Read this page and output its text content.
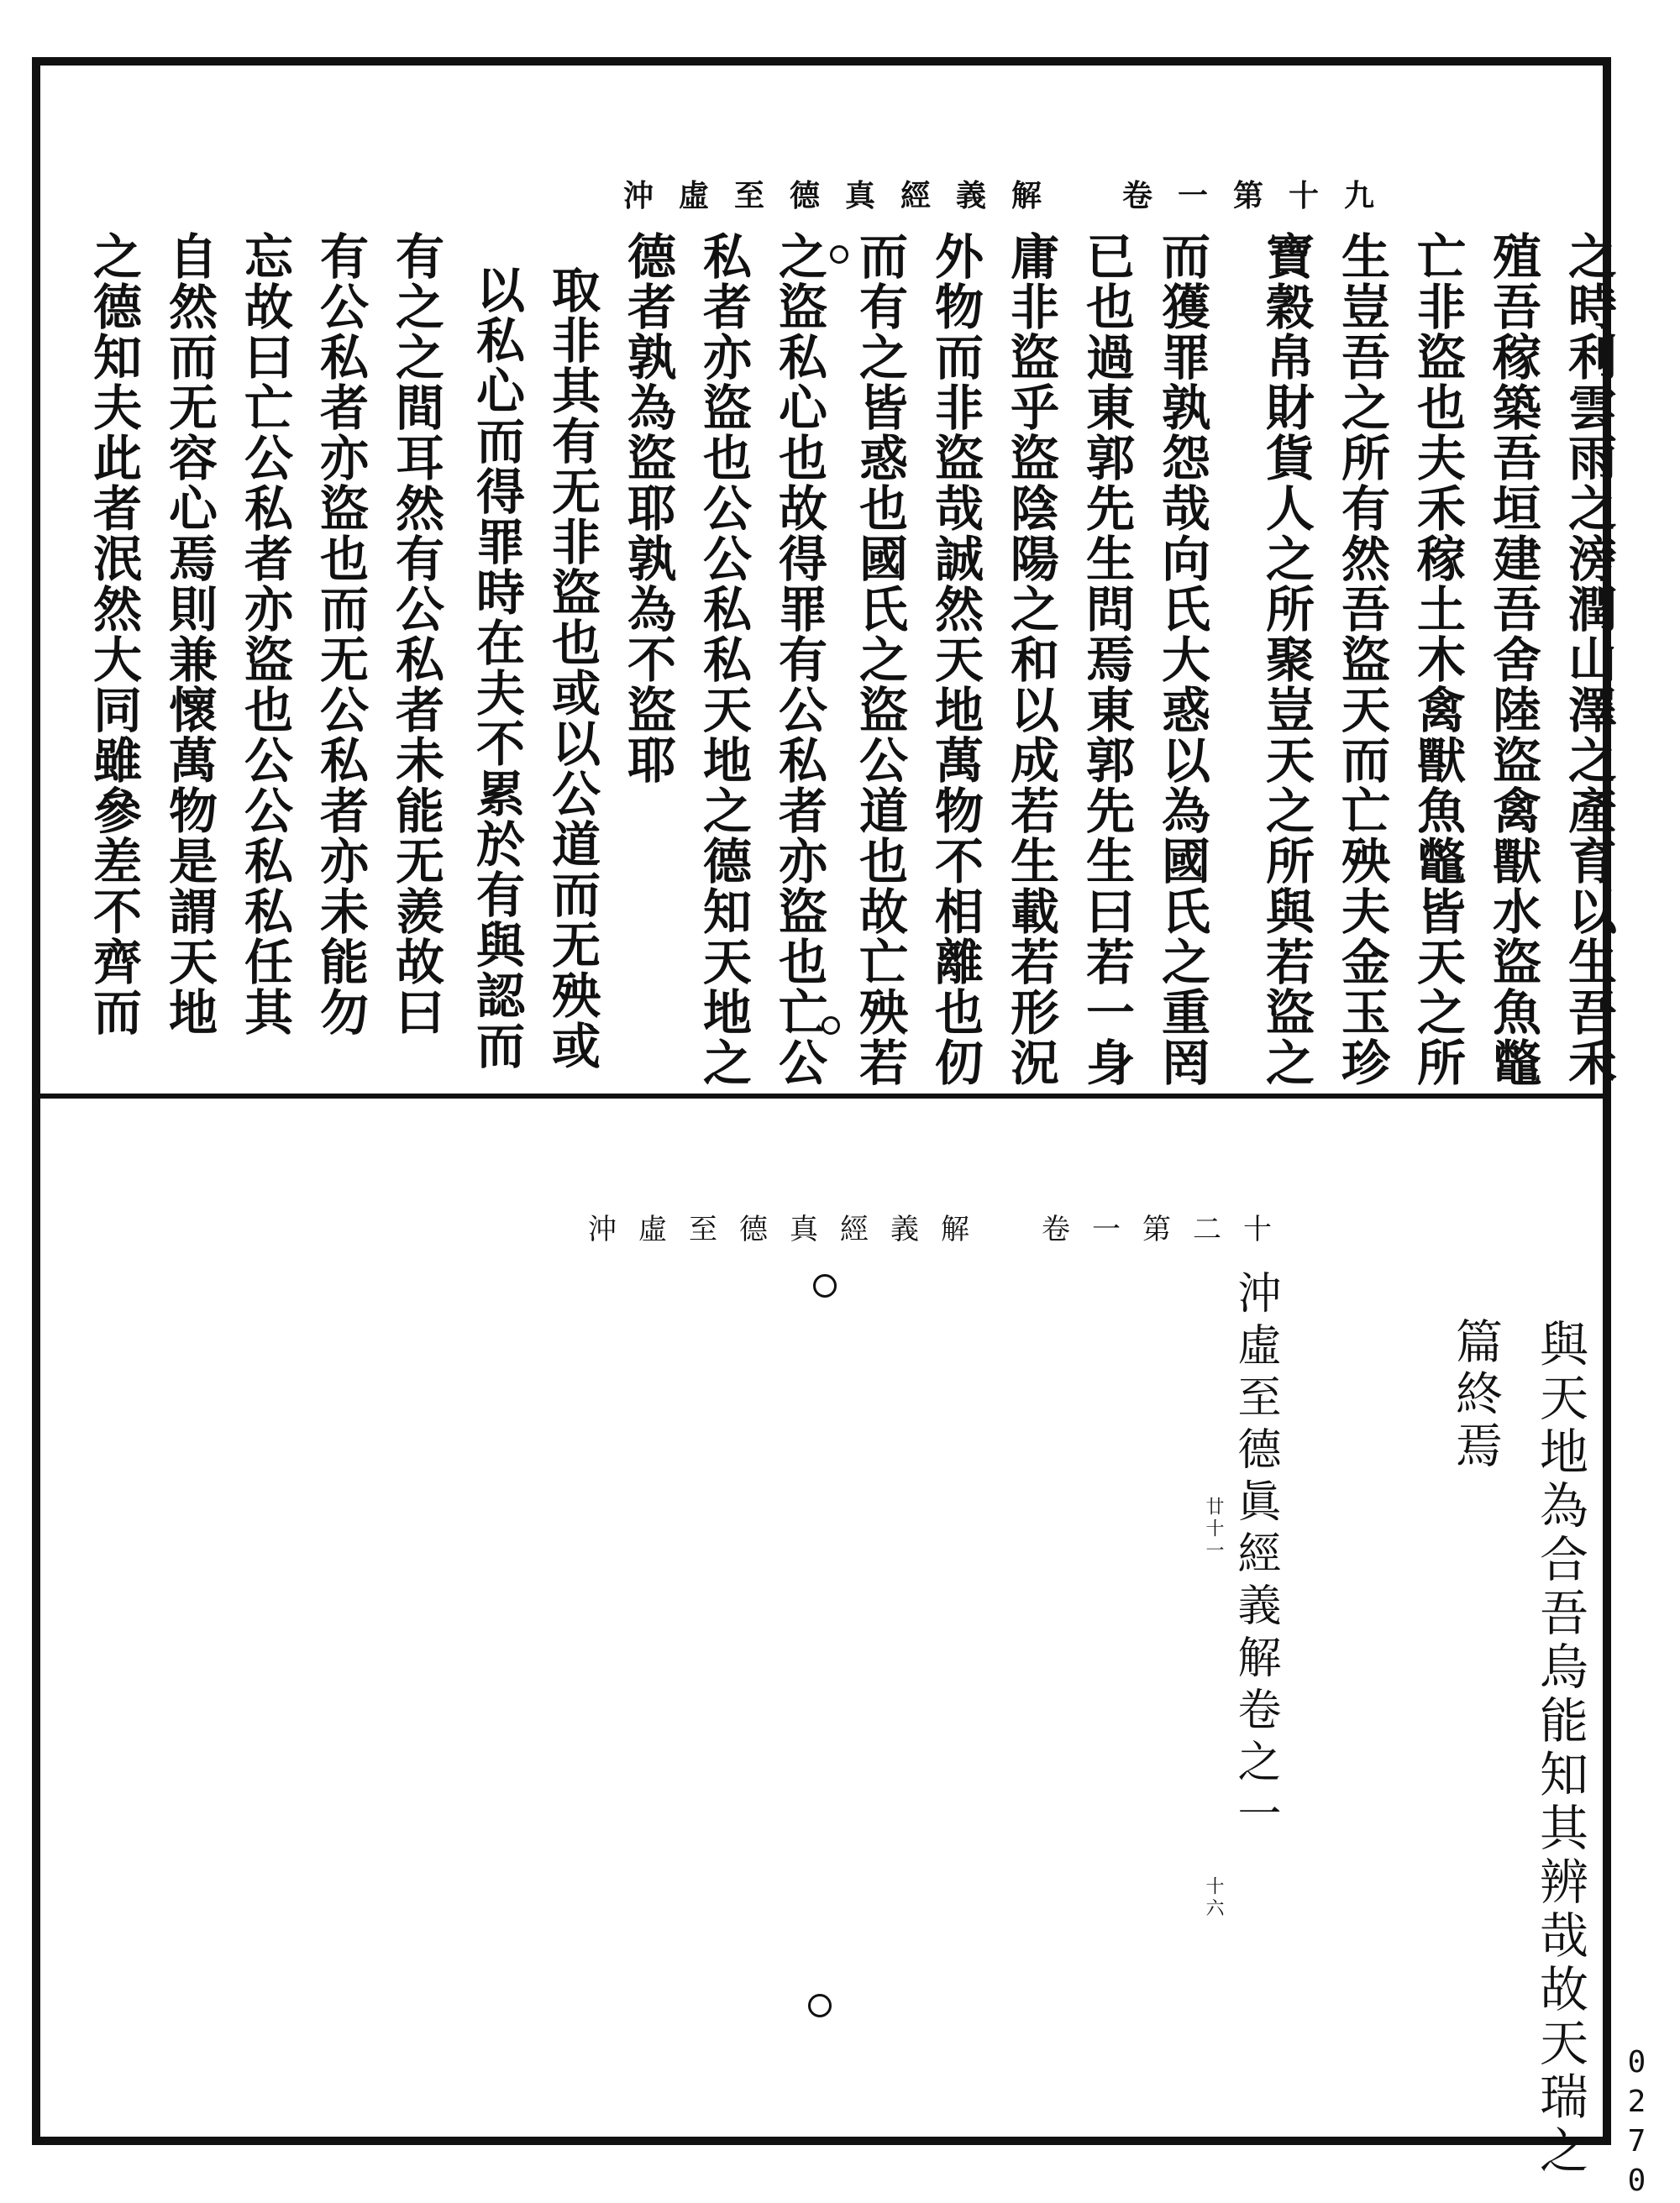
沖虛至德真經義解　卷一第十九
之時利雲雨之滂潤山澤之產育以生吾禾
殖吾稼築吾垣建吾舍陸盜禽獸水盜魚鼈
亡非盜也夫禾稼土木禽獸魚鼈皆天之所
生豈吾之所有然吾盜天而亡殃夫金玉珍
寶穀帛財貨人之所聚豈天之所與若盜之
而獲罪孰怨哉向氏大惑以為國氏之重罔
已也過東郭先生問焉東郭先生曰若一身
庸非盜乎盜陰陽之和以成若生載若形況
外物而非盜哉誠然天地萬物不相離也仞
而有之皆惑也國氏之盜公道也故亡殃若
之盜私心也故得罪有公私者亦盜也亡公
私者亦盜也公公私私天地之德知天地之
德者孰為盜耶孰為不盜耶
取非其有无非盜也或以公道而无殃或
以私心而得罪時在夫不累於有與認而
有之之間耳然有公私者未能无羨故曰
有公私者亦盜也而无公私者亦未能勿
忘故曰亡公私者亦盜也公公私私任其
自然而无容心焉則兼懷萬物是謂天地
之德知夫此者泯然大同雖參差不齊而
沖虛至德真經義解　卷一第二十
與天地為合吾烏能知其辨哉故天瑞之
篇終焉
沖虛至德眞經義解卷之一
廿十一
十六
0270
